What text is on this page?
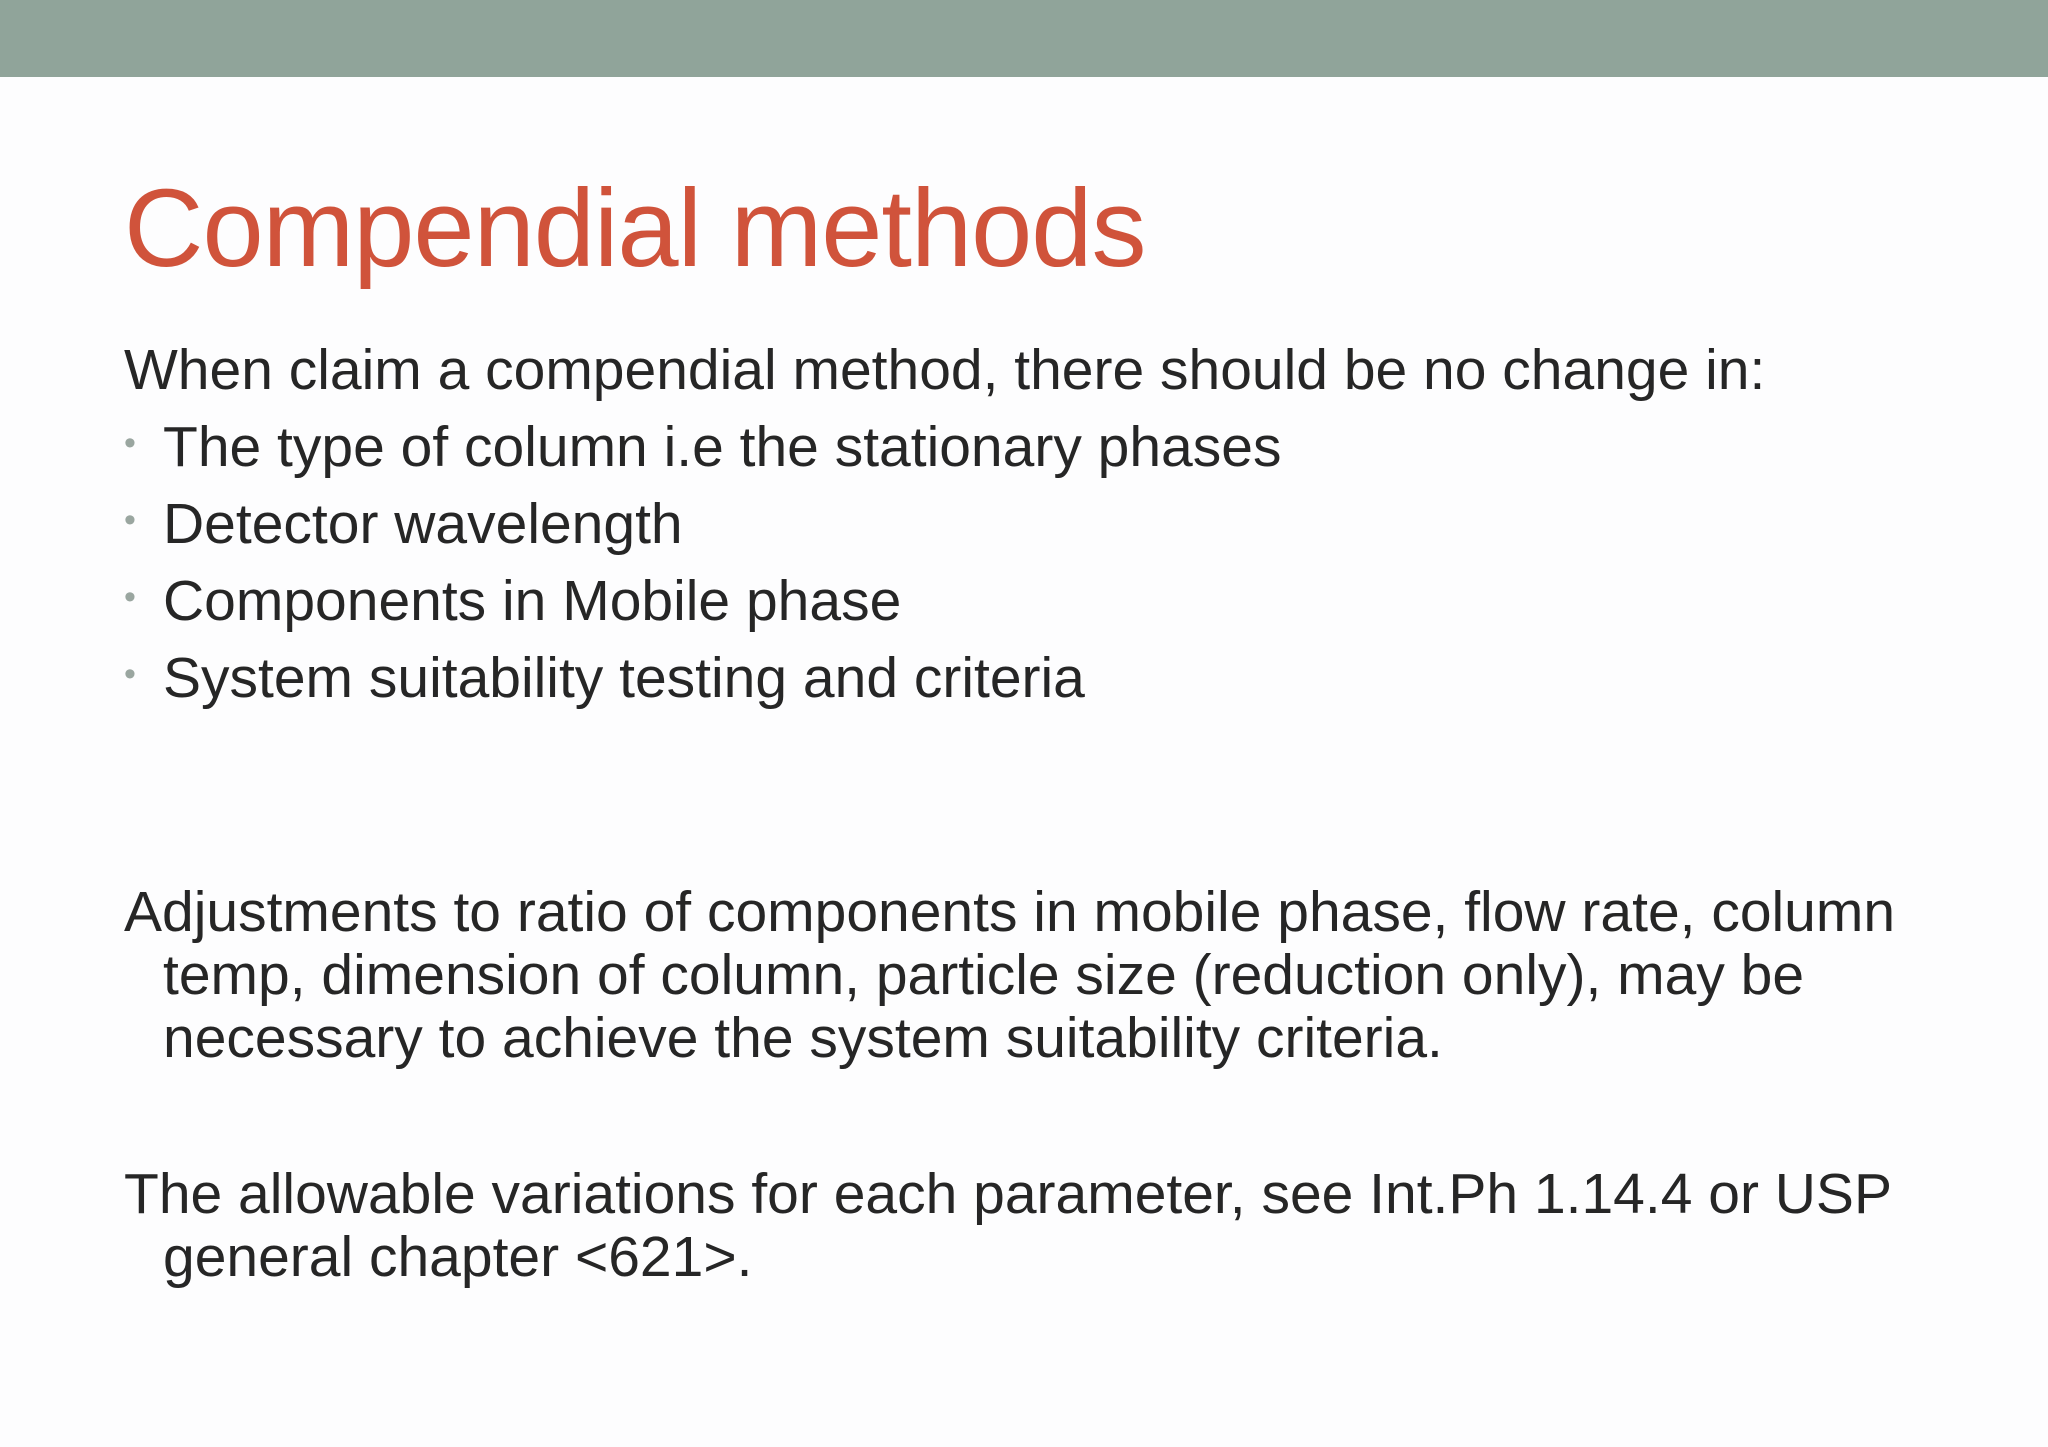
Compendial methods

When claim a compendial method, there should be no change in:

• The type of column i.e the stationary phases
• Detector wavelength
• Components in Mobile phase
• System suitability testing and criteria

Adjustments to ratio of components in mobile phase, flow rate, column temp, dimension of column, particle size (reduction only), may be necessary to achieve the system suitability criteria.

The allowable variations for each parameter, see Int.Ph 1.14.4 or USP general chapter <621>.
